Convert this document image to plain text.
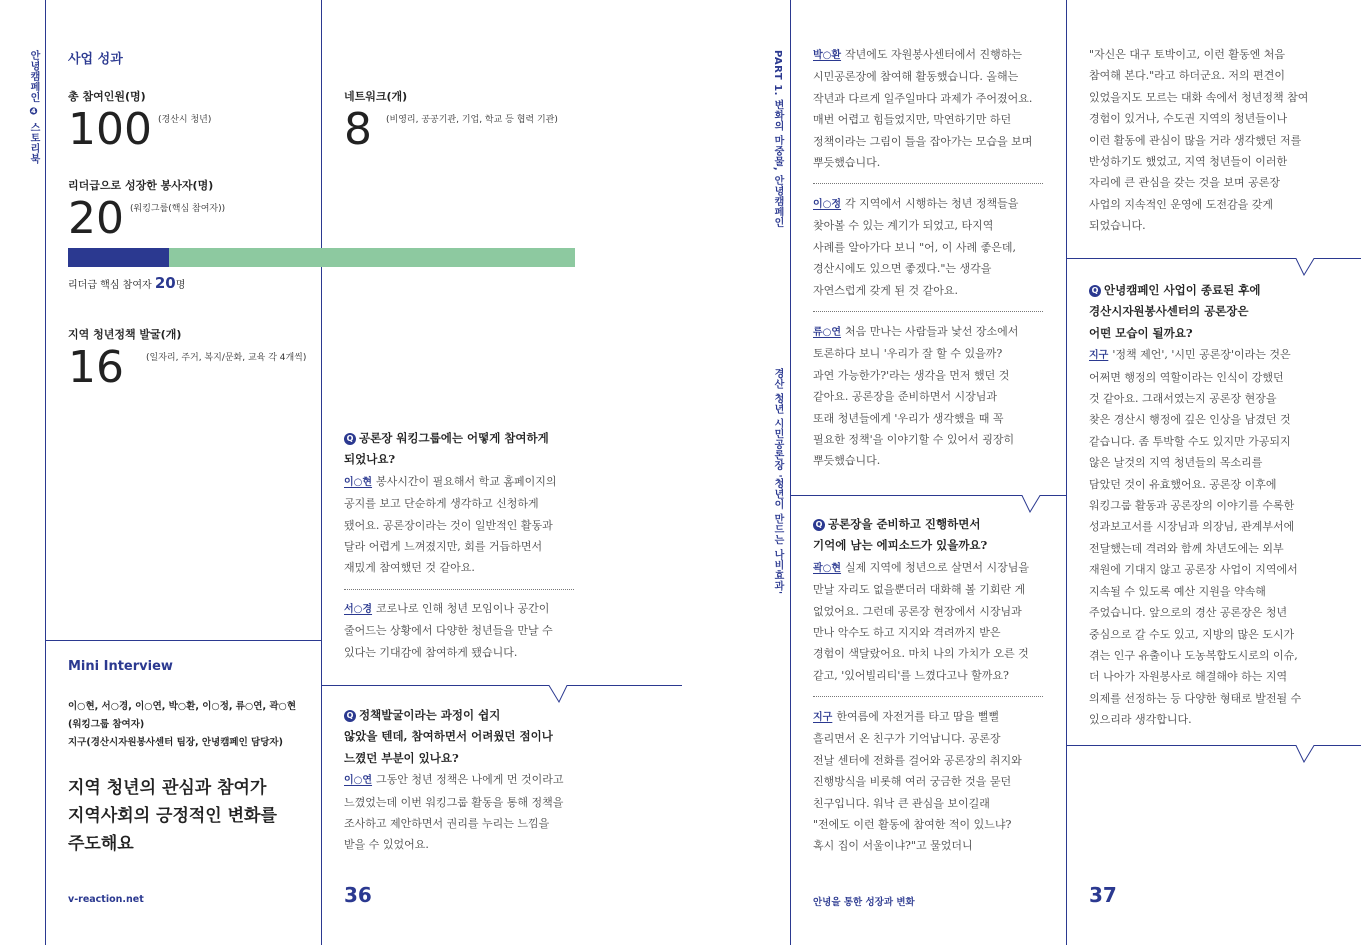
안녕캠페인 ❹ 스토리북 사업 성과
총 참여인원(명)
100 (경산시 청년)
리더급으로 성장한 봉사자(명)
20 (워킹그룹(핵심 참여자))
리더급 핵심 참여자 20명
지역 청년정책 발굴(개)
16 (일자리, 주거, 복지/문화, 교육 각 4개씩)
네트워크(개)
8 (비영리, 공공기관, 기업, 학교 등 협력 기관)
Mini Interview
이○현, 서○경, 이○연, 박○환, 이○정, 류○연, 곽○현
(워킹그룹 참여자)
지구(경산시자원봉사센터 팀장, 안녕캠페인 담당자)
지역 청년의 관심과 참여가
지역사회의 긍정적인 변화를
주도해요
v-reaction.net	36
Q 공론장 워킹그룹에는 어떻게 참여하게
되었나요?
이○현 봉사시간이 필요해서 학교 홈페이지의
공지를 보고 단순하게 생각하고 신청하게
됐어요. 공론장이라는 것이 일반적인 활동과
달라 어렵게 느껴졌지만, 회를 거듭하면서
재밌게 참여했던 것 같아요.
서○경 코로나로 인해 청년 모임이나 공간이
줄어드는 상황에서 다양한 청년들을 만날 수
있다는 기대감에 참여하게 됐습니다.
Q 정책발굴이라는 과정이 쉽지
않았을 텐데, 참여하면서 어려웠던 점이나
느꼈던 부분이 있나요?
이○연 그동안 청년 정책은 나에게 먼 것이라고
느꼈었는데 이번 워킹그룹 활동을 통해 정책을
조사하고 제안하면서 권리를 누리는 느낌을
받을 수 있었어요.
PART 1. 변화의 마중물, 안녕캠페인
경산 청년 시민공론장 '청년이 만드는 나비효과'
박○환 작년에도 자원봉사센터에서 진행하는
시민공론장에 참여해 활동했습니다. 올해는
작년과 다르게 일주일마다 과제가 주어졌어요.
매번 어렵고 힘들었지만, 막연하기만 하던
정책이라는 그림이 틀을 잡아가는 모습을 보며
뿌듯했습니다.
이○정 각 지역에서 시행하는 청년 정책들을
찾아볼 수 있는 계기가 되었고, 타지역
사례를 알아가다 보니 "어, 이 사례 좋은데,
경산시에도 있으면 좋겠다."는 생각을
자연스럽게 갖게 된 것 같아요.
류○연 처음 만나는 사람들과 낯선 장소에서
토론하다 보니 '우리가 잘 할 수 있을까?
과연 가능한가?'라는 생각을 먼저 했던 것
같아요. 공론장을 준비하면서 시장님과
또래 청년들에게 '우리가 생각했을 때 꼭
필요한 정책'을 이야기할 수 있어서 굉장히
뿌듯했습니다.
Q 공론장을 준비하고 진행하면서
기억에 남는 에피소드가 있을까요?
곽○현 실제 지역에 청년으로 살면서 시장님을
만날 자리도 없을뿐더러 대화해 볼 기회란 게
없었어요. 그런데 공론장 현장에서 시장님과
만나 악수도 하고 지지와 격려까지 받은
경험이 색달랐어요. 마치 나의 가치가 오른 것
같고, '있어빌리티'를 느꼈다고나 할까요?
지구 한여름에 자전거를 타고 땀을 뻘뻘
흘리면서 온 친구가 기억납니다. 공론장
전날 센터에 전화를 걸어와 공론장의 취지와
진행방식을 비롯해 여러 궁금한 것을 묻던
친구입니다. 워낙 큰 관심을 보이길래
"전에도 이런 활동에 참여한 적이 있느냐?
혹시 집이 서울이냐?"고 물었더니
안녕을 통한 성장과 변화	37
"자신은 대구 토박이고, 이런 활동엔 처음
참여해 본다."라고 하더군요. 저의 편견이
있었을지도 모르는 대화 속에서 청년정책 참여
경험이 있거나, 수도권 지역의 청년들이나
이런 활동에 관심이 많을 거라 생각했던 저를
반성하기도 했었고, 지역 청년들이 이러한
자리에 큰 관심을 갖는 것을 보며 공론장
사업의 지속적인 운영에 도전감을 갖게
되었습니다.
Q 안녕캠페인 사업이 종료된 후에
경산시자원봉사센터의 공론장은
어떤 모습이 될까요?
지구 '정책 제언', '시민 공론장'이라는 것은
어쩌면 행정의 역할이라는 인식이 강했던
것 같아요. 그래서였는지 공론장 현장을
찾은 경산시 행정에 깊은 인상을 남겼던 것
같습니다. 좀 투박할 수도 있지만 가공되지
않은 날것의 지역 청년들의 목소리를
담았던 것이 유효했어요. 공론장 이후에
워킹그룹 활동과 공론장의 이야기를 수록한
성과보고서를 시장님과 의장님, 관계부서에
전달했는데 격려와 함께 차년도에는 외부
재원에 기대지 않고 공론장 사업이 지역에서
지속될 수 있도록 예산 지원을 약속해
주었습니다. 앞으로의 경산 공론장은 청년
중심으로 갈 수도 있고, 지방의 많은 도시가
겪는 인구 유출이나 도농복합도시로의 이슈,
더 나아가 자원봉사로 해결해야 하는 지역
의제를 선정하는 등 다양한 형태로 발전될 수
있으리라 생각합니다.
